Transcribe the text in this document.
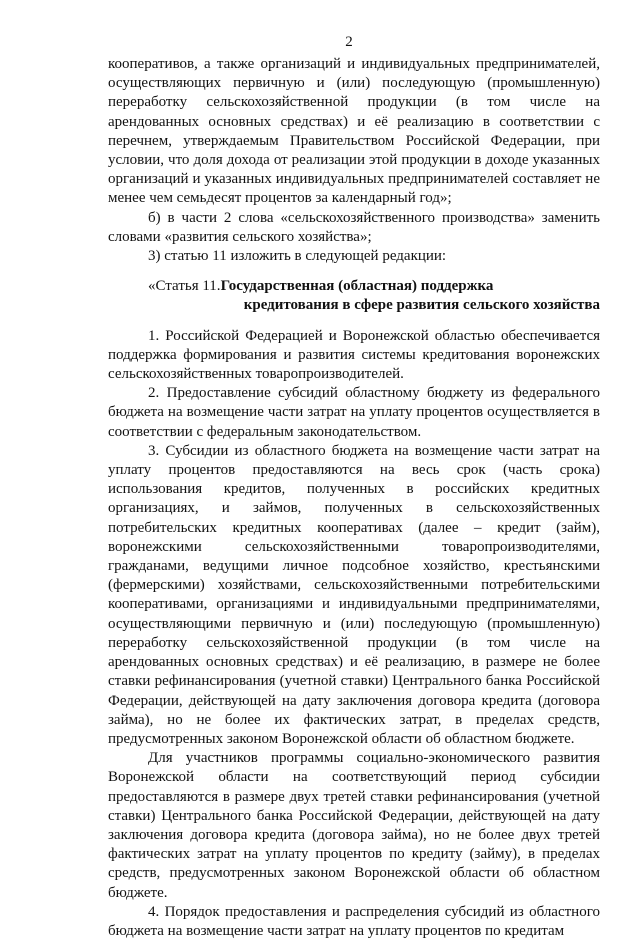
2

кооперативов, а также организаций и индивидуальных предпринимателей, осуществляющих первичную и (или) последующую (промышленную) переработку сельскохозяйственной продукции (в том числе на арендованных основных средствах) и её реализацию в соответствии с перечнем, утверждаемым Правительством Российской Федерации, при условии, что доля дохода от реализации этой продукции в доходе указанных организаций и указанных индивидуальных предпринимателей составляет не менее чем семьдесят процентов за календарный год»;

б) в части 2 слова «сельскохозяйственного производства» заменить словами «развития сельского хозяйства»;

3) статью 11 изложить в следующей редакции:

«Статья 11. Государственная (областная) поддержка
кредитования в сфере развития сельского хозяйства

1. Российской Федерацией и Воронежской областью обеспечивается поддержка формирования и развития системы кредитования воронежских сельскохозяйственных товаропроизводителей.

2. Предоставление субсидий областному бюджету из федерального бюджета на возмещение части затрат на уплату процентов осуществляется в соответствии с федеральным законодательством.

3. Субсидии из областного бюджета на возмещение части затрат на уплату процентов предоставляются на весь срок (часть срока) использования кредитов, полученных в российских кредитных организациях, и займов, полученных в сельскохозяйственных потребительских кредитных кооперативах (далее – кредит (займ), воронежскими сельскохозяйственными товаропроизводителями, гражданами, ведущими личное подсобное хозяйство, крестьянскими (фермерскими) хозяйствами, сельскохозяйственными потребительскими кооперативами, организациями и индивидуальными предпринимателями, осуществляющими первичную и (или) последующую (промышленную) переработку сельскохозяйственной продукции (в том числе на арендованных основных средствах) и её реализацию, в размере не более ставки рефинансирования (учетной ставки) Центрального банка Российской Федерации, действующей на дату заключения договора кредита (договора займа), но не более их фактических затрат, в пределах средств, предусмотренных законом Воронежской области об областном бюджете.

Для участников программы социально-экономического развития Воронежской области на соответствующий период субсидии предоставляются в размере двух третей ставки рефинансирования (учетной ставки) Центрального банка Российской Федерации, действующей на дату заключения договора кредита (договора займа), но не более двух третей фактических затрат на уплату процентов по кредиту (займу), в пределах средств, предусмотренных законом Воронежской области об областном бюджете.

4. Порядок предоставления и распределения субсидий из областного бюджета на возмещение части затрат на уплату процентов по кредитам
